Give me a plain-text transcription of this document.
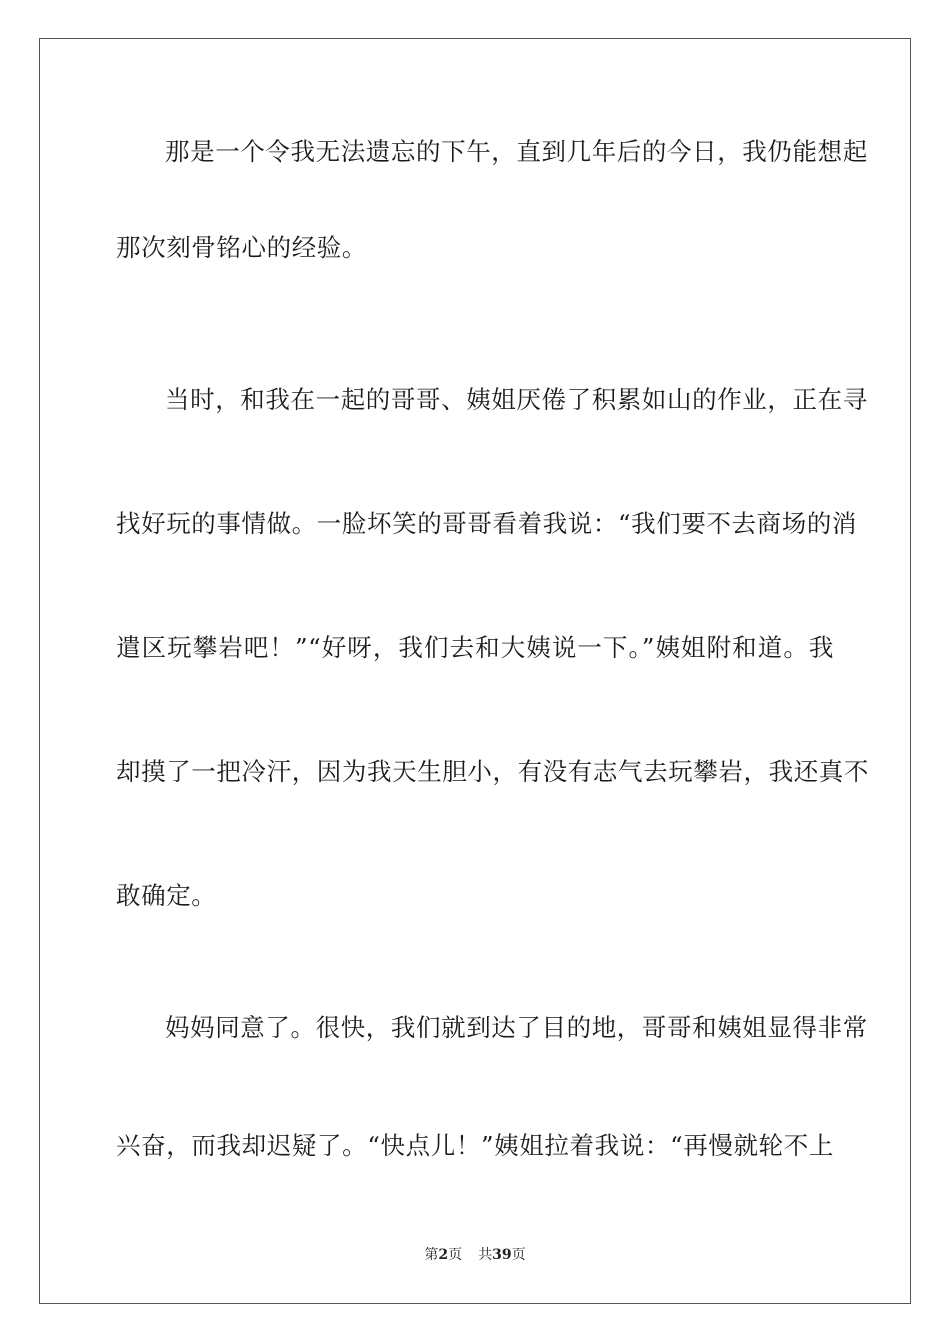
那是一个令我无法遗忘的下午，直到几年后的今日，我仍能想起
那次刻骨铭心的经验。
当时，和我在一起的哥哥、姨姐厌倦了积累如山的作业，正在寻
找好玩的事情做。一脸坏笑的哥哥看着我说：“我们要不去商场的消
遣区玩攀岩吧！”“好呀，我们去和大姨说一下。”姨姐附和道。我
却摸了一把冷汗，因为我天生胆小，有没有志气去玩攀岩，我还真不
敢确定。
妈妈同意了。很快，我们就到达了目的地，哥哥和姨姐显得非常
兴奋，而我却迟疑了。“快点儿！”姨姐拉着我说：“再慢就轮不上
第2页 共39页
